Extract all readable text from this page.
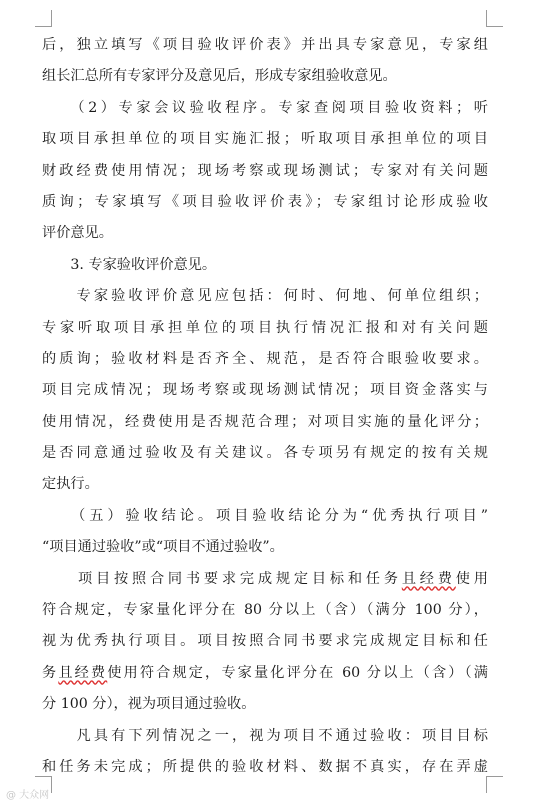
后，独立填写《项目验收评价表》并出具专家意见，专家组
组长汇总所有专家评分及意见后，形成专家组验收意见。
　　（2）专家会议验收程序。专家查阅项目验收资料；听
取项目承担单位的项目实施汇报；听取项目承担单位的项目
财政经费使用情况；现场考察或现场测试；专家对有关问题
质询；专家填写《项目验收评价表》；专家组讨论形成验收
评价意见。
　　3. 专家验收评价意见。
　　专家验收评价意见应包括：何时、何地、何单位组织；
专家听取项目承担单位的项目执行情况汇报和对有关问题
的质询；验收材料是否齐全、规范，是否符合眼验收要求。
项目完成情况；现场考察或现场测试情况；项目资金落实与
使用情况，经费使用是否规范合理；对项目实施的量化评分；
是否同意通过验收及有关建议。各专项另有规定的按有关规
定执行。
　　（五）验收结论。项目验收结论分为“优秀执行项目”
“项目通过验收”或“项目不通过验收”。
　　项目按照合同书要求完成规定目标和任务且经费使用
符合规定，专家量化评分在 80 分以上（含）（满分 100 分），
视为优秀执行项目。项目按照合同书要求完成规定目标和任
务且经费使用符合规定，专家量化评分在 60 分以上（含）（满
分 100 分），视为项目通过验收。
　　凡具有下列情况之一，视为项目不通过验收：项目目标
和任务未完成；所提供的验收材料、数据不真实，存在弄虚
@ 大众网
